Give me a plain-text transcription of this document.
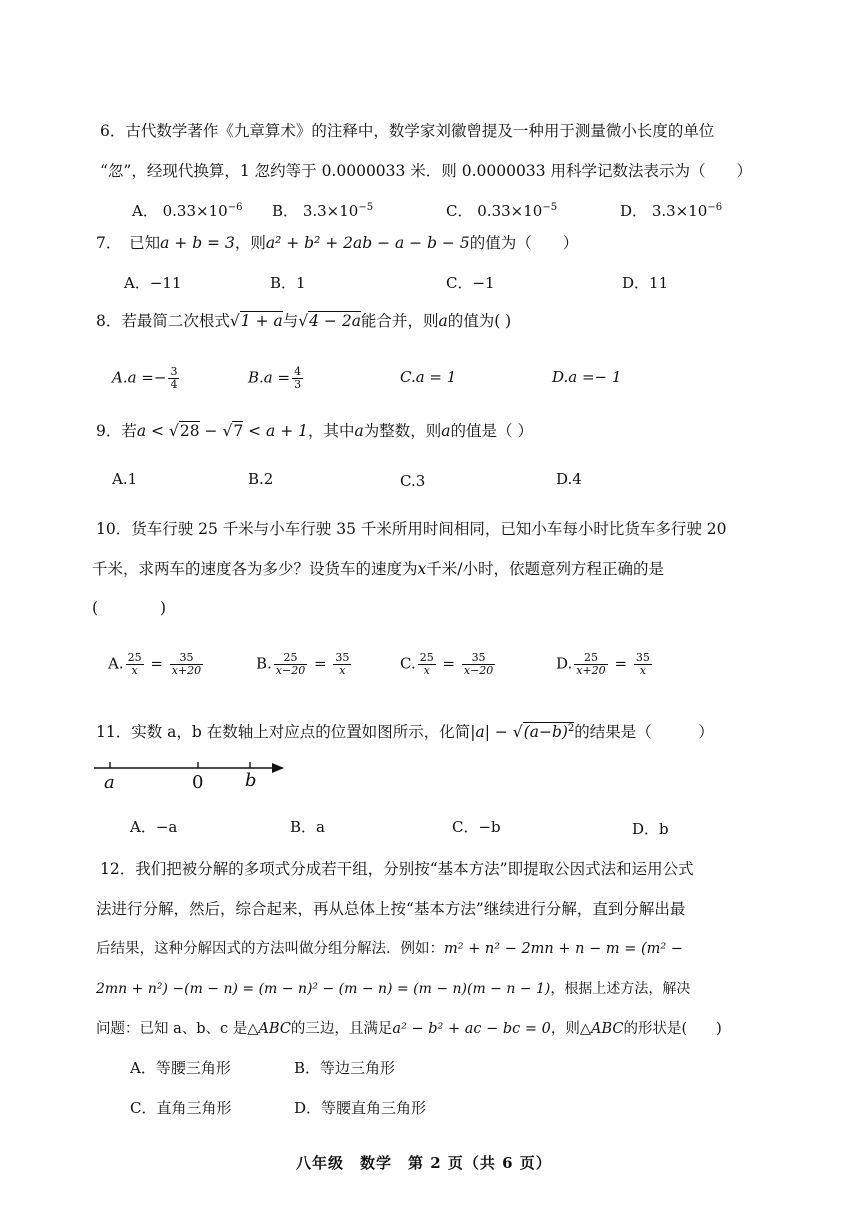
6．古代数学著作《九章算术》的注释中，数学家刘徽曾提及一种用于测量微小长度的单位
“忽”，经现代换算，1 忽约等于 0.0000033 米．则 0.0000033 用科学记数法表示为（　　）
A． $0.33\times 10^{-6}$ B． $3.3\times 10^{-5}$	C． $0.33\times 10^{-5}$	D． $3.3\times 10^{-6}$
7．　已知a + b = 3，则a² + b² + 2ab − a − b − 5的值为（　　）
A．−11	B．1	C．−1	D．11
8．若最简二次根式√1 + a与√4 − 2a能合并，则a的值为( )
$A.a =- \frac{3}{4}$	$B.a = \frac{4}{3}$	C.a = 1	D.a =− 1
9．若a < √28 − √7 < a + 1，其中a为整数，则a的值是（ ）
A.1	B.2	C.3	D.4
10．货车行驶 25 千米与小车行驶 35 千米所用时间相同，已知小车每小时比货车多行驶 20
千米，求两车的速度各为多少？设货车的速度为x千米/小时，依题意列方程正确的是
(　　　　)
A. $\frac{25}{x} = \frac{35}{x+20}$	B. $\frac{25}{x-20} = \frac{35}{x}$	C. $\frac{25}{x} = \frac{35}{x-20}$	D. $\frac{25}{x+20} = \frac{35}{x}$
11．实数 a，b 在数轴上对应点的位置如图所示，化简$|a| - √(a-b)^2$的结果是（　　　）
a	0 b
A．−a	B．a	C．−b	D．b
12．我们把被分解的多项式分成若干组，分别按“基本方法”即提取公因式法和运用公式
法进行分解，然后，综合起来，再从总体上按“基本方法”继续进行分解，直到分解出最
后结果，这种分解因式的方法叫做分组分解法．例如：m² + n² − 2mn + n − m = (m² −
2mn + n²) −(m − n) = (m − n)² − (m − n) = (m − n)(m − n − 1)，根据上述方法，解决
问题：已知 a、b、c 是△ABC的三边，且满足a² − b² + ac − bc = 0，则△ABC的形状是(　　)
A．等腰三角形	B．等边三角形
C．直角三角形	D．等腰直角三角形
八年级　数学　第 2 页（共 6 页）
